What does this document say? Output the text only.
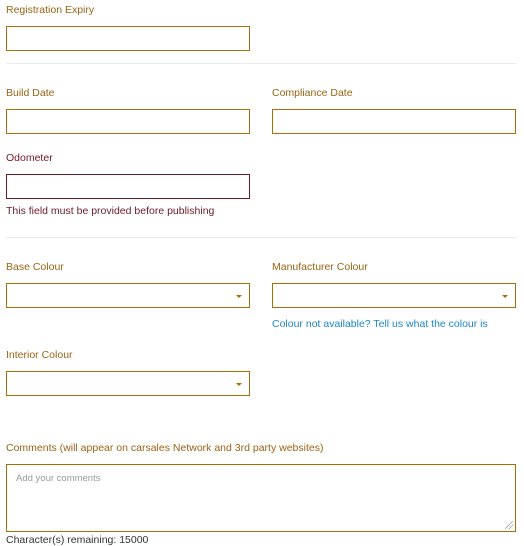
Registration Expiry
Build Date	Compliance Date
Odometer
This field must be provided before publishing
Base Colour	Manufacturer Colour
Colour not available? Tell us what the colour is
Interior Colour
Comments (will appear on carsales Network and 3rd party websites)
Add your comments
Character(s) remaining: 15000
